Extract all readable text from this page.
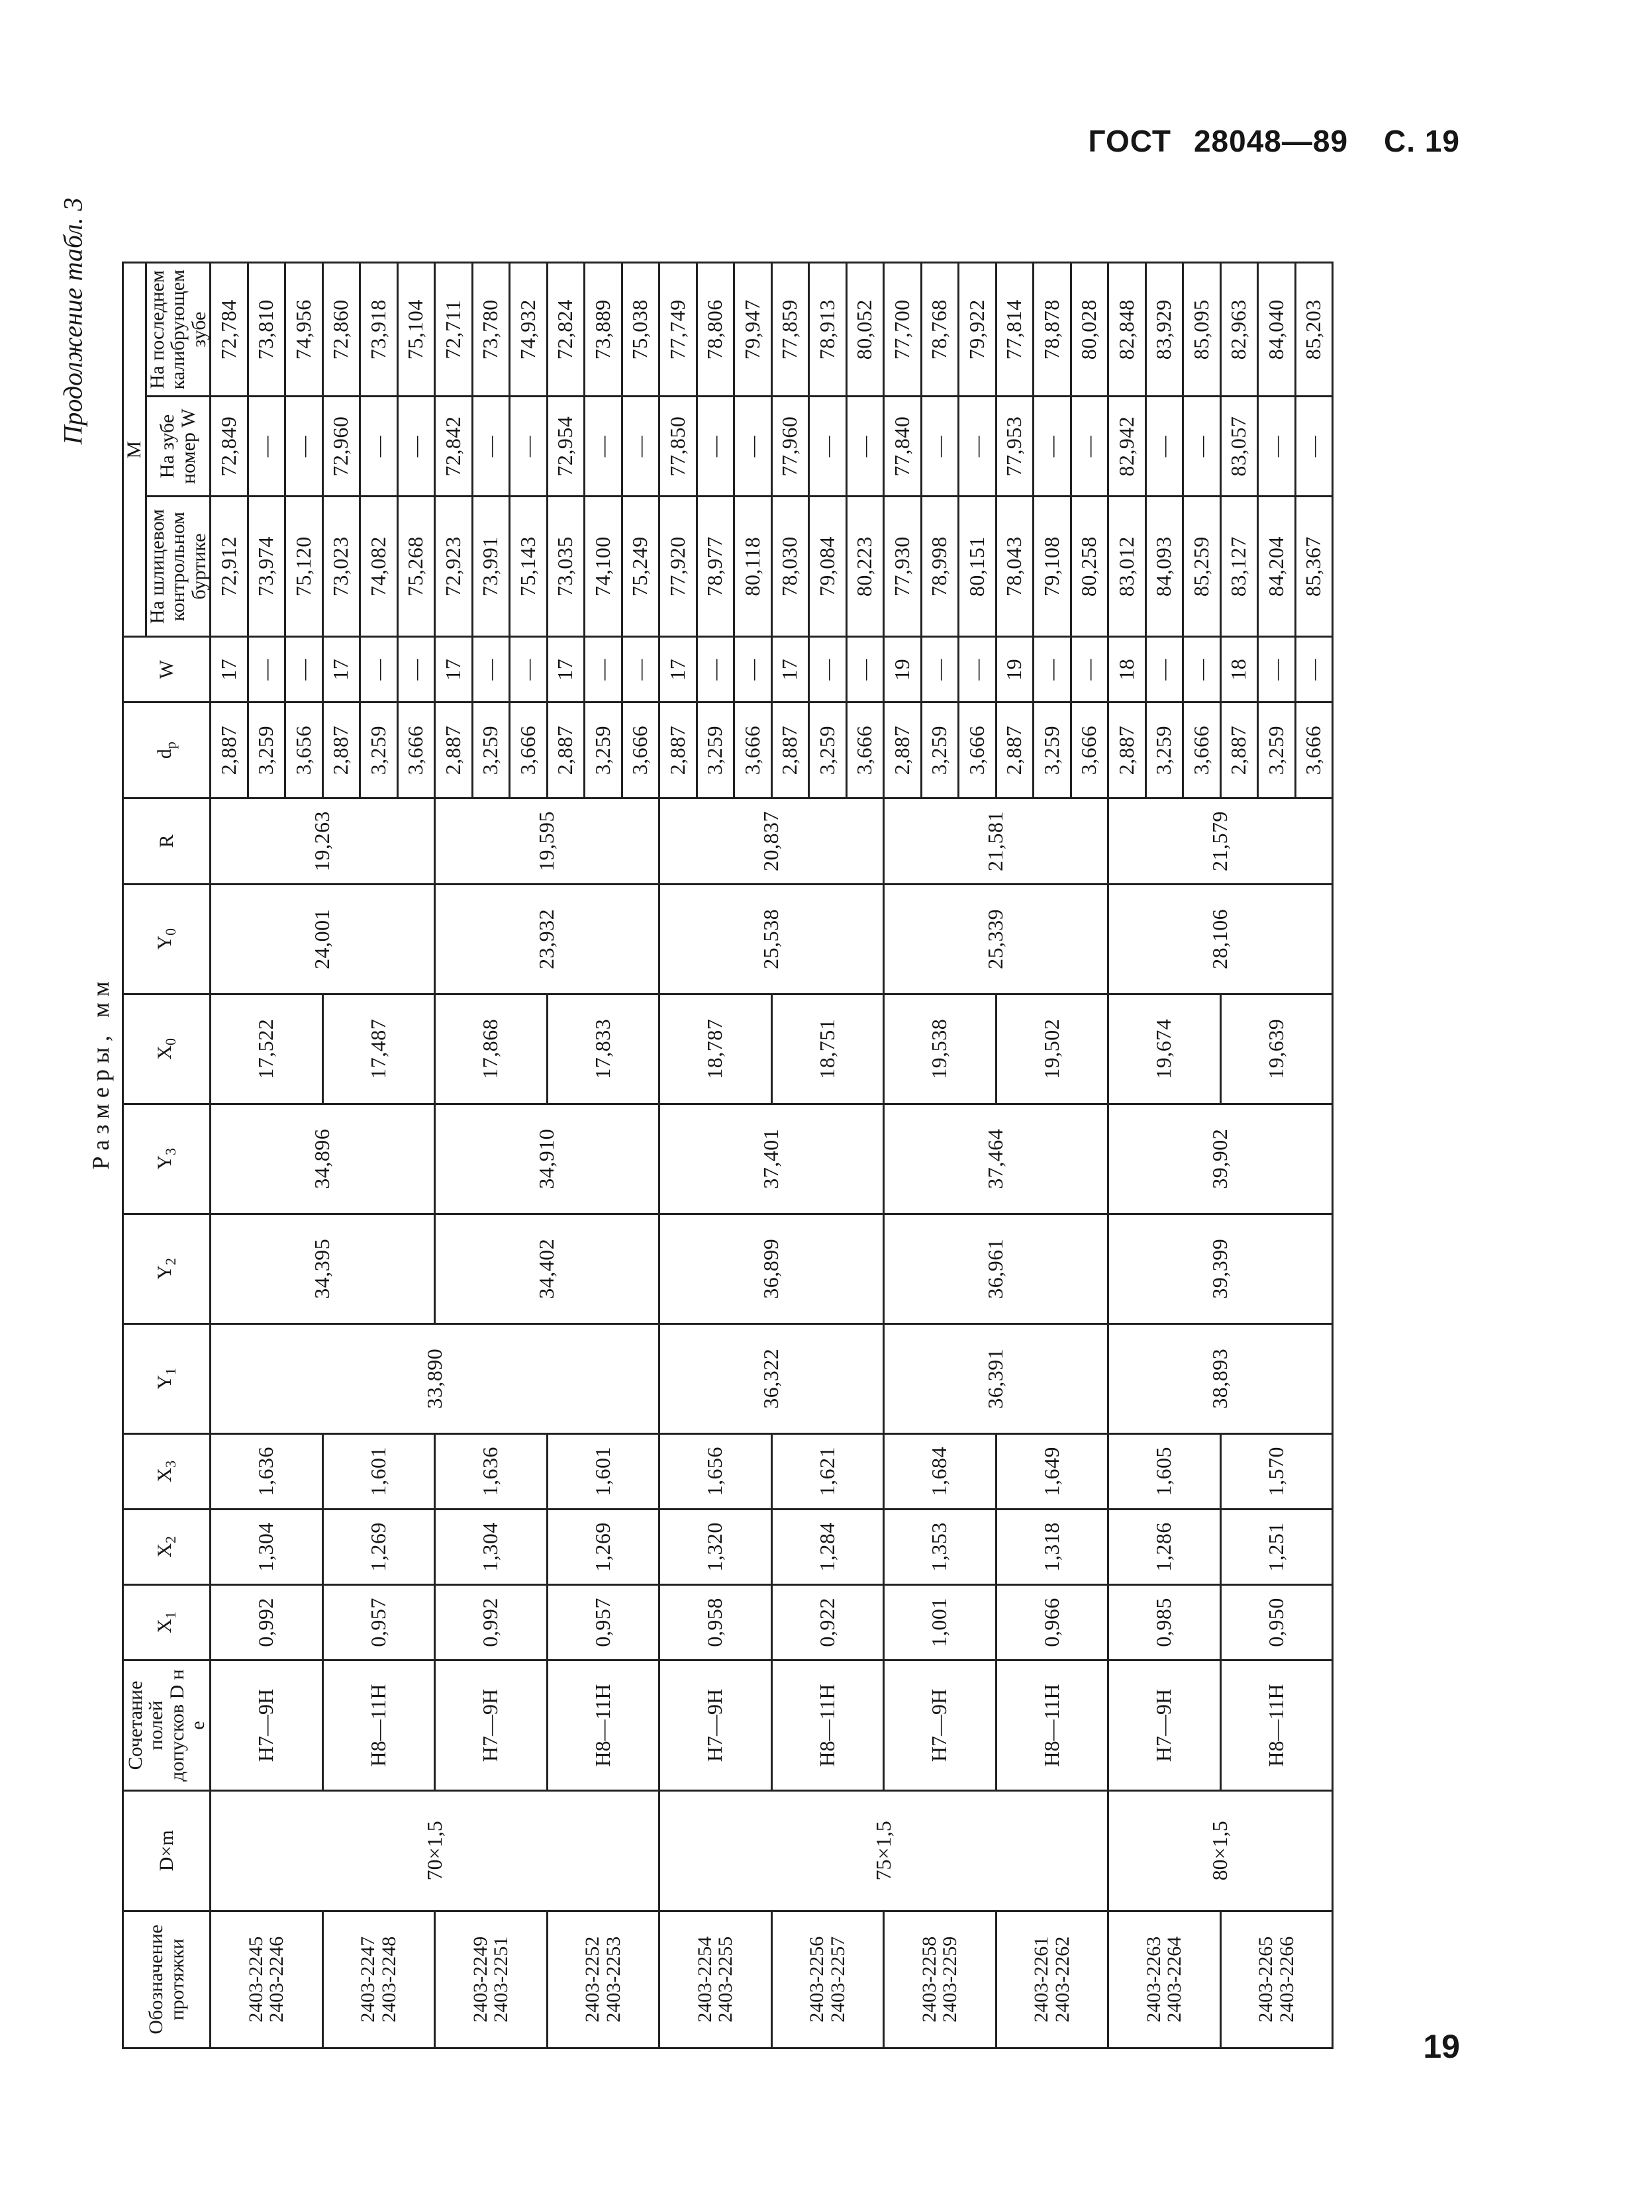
ГОСТ 28048—89 С. 19
Продолжение табл. 3
Размеры, мм
Обозначение протяжки	D×m	Сочетание полей допусков D н e	$X_1$	$X_2$	$X_3$	$Y_1$	$Y_2$	$Y_3$	$X_0$	$Y_0$	R	$d_р$	W	M		
														На шлицевом контрольном буртике	На зубе номер W	На последнем калибрующем зубе
2403-2245
2403-2246	70×1,5	H7—9H	0,992	1,304	1,636	33,890	34,395	34,896	17,522	24,001	19,263	2,887	17	72,912	72,849	72,784
												3,259	—	73,974	—	73,810
												3,656	—	75,120	—	74,956
2403-2247
2403-2248		H8—11H	0,957	1,269	1,601				17,487			2,887	17	73,023	72,960	72,860
												3,259	—	74,082	—	73,918
												3,666	—	75,268	—	75,104
2403-2249
2403-2251		H7—9H	0,992	1,304	1,636		34,402	34,910	17,868	23,932	19,595	2,887	17	72,923	72,842	72,711
												3,259	—	73,991	—	73,780
												3,666	—	75,143	—	74,932
2403-2252
2403-2253		H8—11H	0,957	1,269	1,601				17,833			2,887	17	73,035	72,954	72,824
												3,259	—	74,100	—	73,889
												3,666	—	75,249	—	75,038
2403-2254
2403-2255	75×1,5	H7—9H	0,958	1,320	1,656	36,322	36,899	37,401	18,787	25,538	20,837	2,887	17	77,920	77,850	77,749
												3,259	—	78,977	—	78,806
												3,666	—	80,118	—	79,947
2403-2256
2403-2257		H8—11H	0,922	1,284	1,621				18,751			2,887	17	78,030	77,960	77,859
												3,259	—	79,084	—	78,913
												3,666	—	80,223	—	80,052
2403-2258
2403-2259		H7—9H	1,001	1,353	1,684	36,391	36,961	37,464	19,538	25,339	21,581	2,887	19	77,930	77,840	77,700
												3,259	—	78,998	—	78,768
												3,666	—	80,151	—	79,922
2403-2261
2403-2262		H8—11H	0,966	1,318	1,649				19,502			2,887	19	78,043	77,953	77,814
												3,259	—	79,108	—	78,878
												3,666	—	80,258	—	80,028
2403-2263
2403-2264	80×1,5	H7—9H	0,985	1,286	1,605	38,893	39,399	39,902	19,674	28,106	21,579	2,887	18	83,012	82,942	82,848
												3,259	—	84,093	—	83,929
												3,666	—	85,259	—	85,095
2403-2265
2403-2266		H8—11H	0,950	1,251	1,570				19,639			2,887	18	83,127	83,057	82,963
												3,259	—	84,204	—	84,040
												3,666	—	85,367	—	85,203
19
